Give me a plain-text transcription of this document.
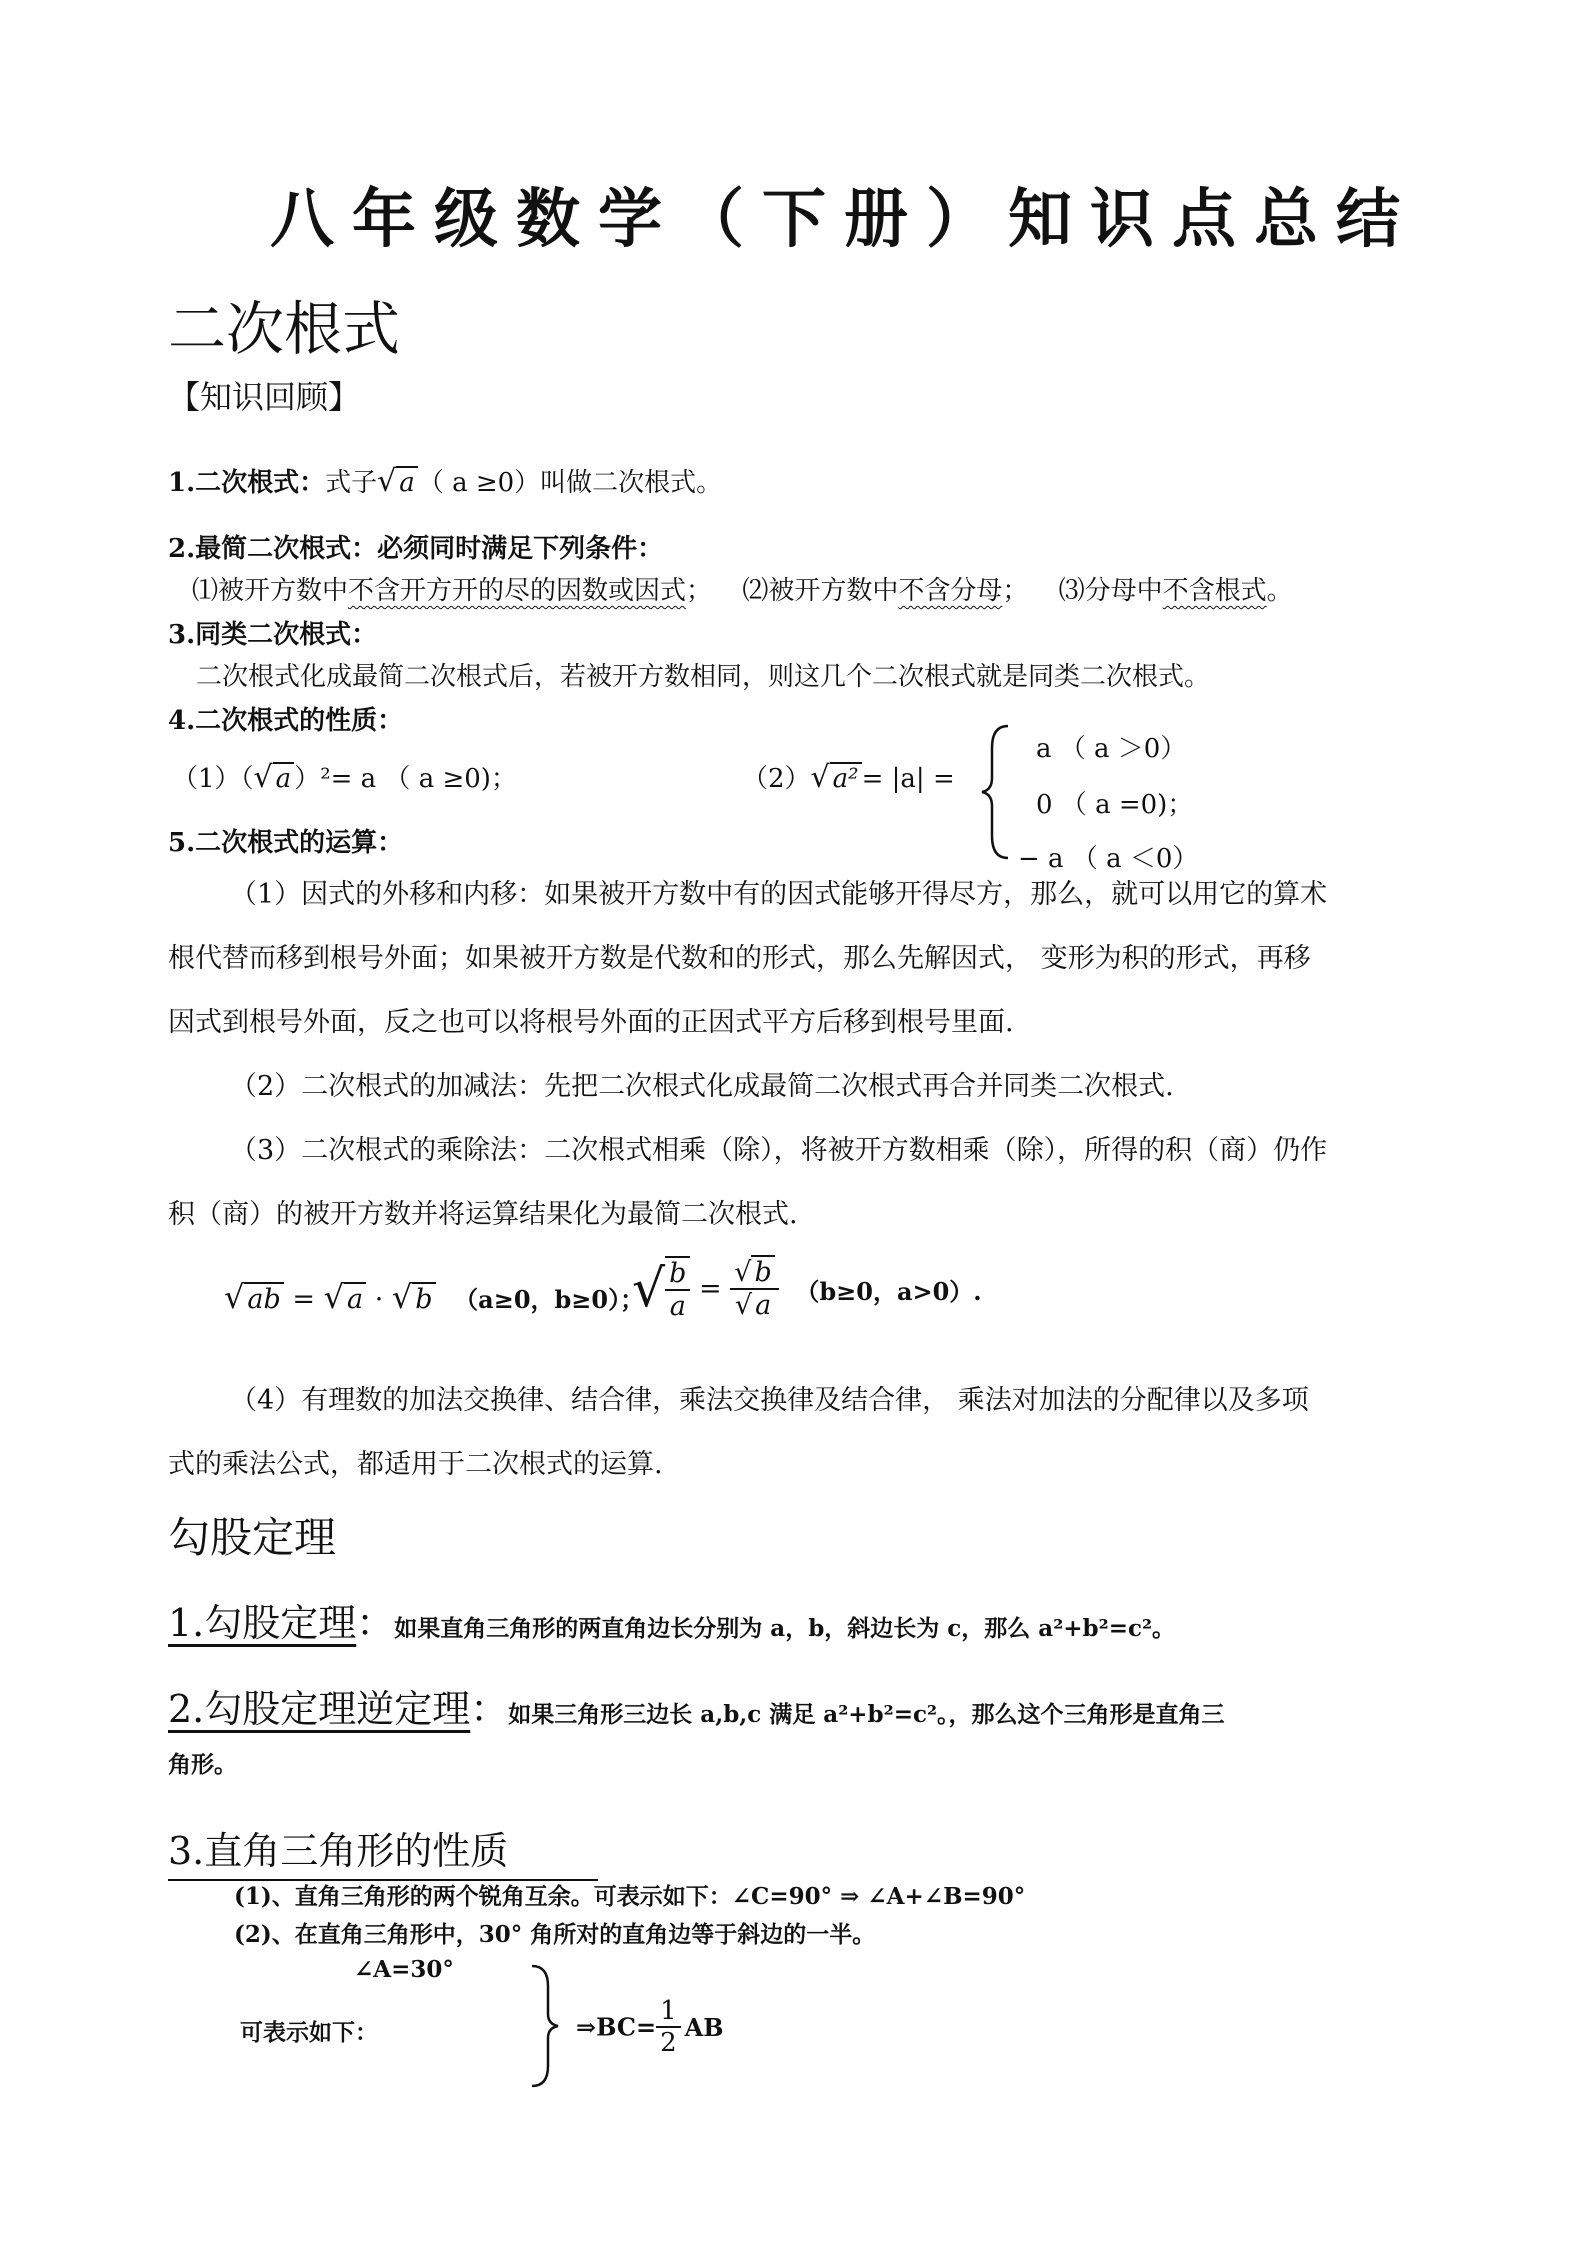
八年级数学（下册）知识点总结
二次根式
【知识回顾】
1.二次根式：式子√ a （ a ≥0）叫做二次根式。
2.最简二次根式：必须同时满足下列条件：
⑴被开方数中不含开方开的尽的因数或因式； ⑵被开方数中不含分母； ⑶分母中不含根式。
3.同类二次根式：
二次根式化成最简二次根式后，若被开方数相同，则这几个二次根式就是同类二次根式。
4.二次根式的性质：
（1）（√ a ）²= a （ a ≥0)；	（2）√ a² = |a| =
a （ a ＞0）
0 （ a =0)；
− a （ a ＜0）
5.二次根式的运算：
（1）因式的外移和内移：如果被开方数中有的因式能够开得尽方，那么，就可以用它的算术
根代替而移到根号外面；如果被开方数是代数和的形式，那么先解因式， 变形为积的形式，再移
因式到根号外面，反之也可以将根号外面的正因式平方后移到根号里面.
（2）二次根式的加减法：先把二次根式化成最简二次根式再合并同类二次根式.
（3）二次根式的乘除法：二次根式相乘（除），将被开方数相乘（除），所得的积（商）仍作
积（商）的被开方数并将运算结果化为最简二次根式.
√ ab = √ a · √ b （a≥0，b≥0）；
√ $\frac{b}{a} = \frac{√ b}{√ a} (b\ge 0$，a>0）.
（4）有理数的加法交换律、结合律，乘法交换律及结合律， 乘法对加法的分配律以及多项
式的乘法公式，都适用于二次根式的运算.
勾股定理
1.勾股定理：如果直角三角形的两直角边长分别为 a，b，斜边长为 c，那么 a²+b²=c²。
2.勾股定理逆定理：如果三角形三边长 a,b,c 满足 a²+b²=c²。，那么这个三角形是直角三
角形。
3.直角三角形的性质
(1)、直角三角形的两个锐角互余。可表示如下：∠C=90° ⇒ ∠A+∠B=90°
(2)、在直角三角形中，30° 角所对的直角边等于斜边的一半。
∠A=30°
可表示如下：	⇒BC= $\frac{1}{2}$ AB
